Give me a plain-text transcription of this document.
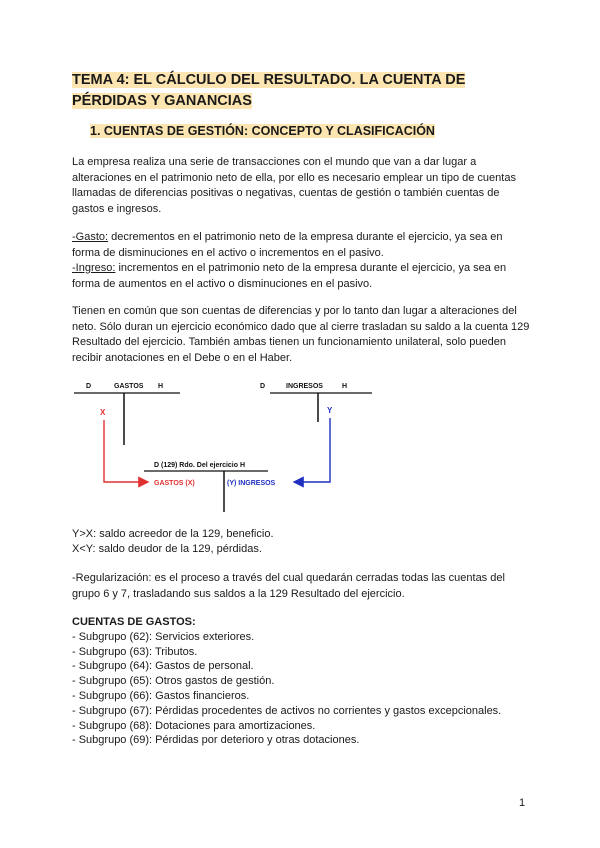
TEMA 4: EL CÁLCULO DEL RESULTADO. LA CUENTA DE PÉRDIDAS Y GANANCIAS
1. CUENTAS DE GESTIÓN: CONCEPTO Y CLASIFICACIÓN

La empresa realiza una serie de transacciones con el mundo que van a dar lugar a alteraciones en el patrimonio neto de ella, por ello es necesario emplear un tipo de cuentas llamadas de diferencias positivas o negativas, cuentas de gestión o también cuentas de gastos e ingresos.

-Gasto: decrementos en el patrimonio neto de la empresa durante el ejercicio, ya sea en forma de disminuciones en el activo o incrementos en el pasivo.

-Ingreso: incrementos en el patrimonio neto de la empresa durante el ejercicio, ya sea en forma de aumentos en el activo o disminuciones en el pasivo.

Tienen en común que son cuentas de diferencias y por lo tanto dan lugar a alteraciones del neto. Sólo duran un ejercicio económico dado que al cierre trasladan su saldo a la cuenta 129 Resultado del ejercicio. También ambas tienen un funcionamiento unilateral, solo pueden recibir anotaciones en el Debe o en el Haber.

D	GASTOS H	D	INGRESOS	H
X	Y
D (129) Rdo. Del ejercicio H
GASTOS (X)	(Y) INGRESOS

Y>X: saldo acreedor de la 129, beneficio.

X<Y: saldo deudor de la 129, pérdidas.

-Regularización: es el proceso a través del cual quedarán cerradas todas las cuentas del grupo 6 y 7, trasladando sus saldos a la 129 Resultado del ejercicio.

CUENTAS DE GASTOS:
- Subgrupo (62): Servicios exteriores.
- Subgrupo (63): Tributos.
- Subgrupo (64): Gastos de personal.
- Subgrupo (65): Otros gastos de gestión.
- Subgrupo (66): Gastos financieros.
- Subgrupo (67): Pérdidas procedentes de activos no corrientes y gastos excepcionales.
- Subgrupo (68): Dotaciones para amortizaciones.
- Subgrupo (69): Pérdidas por deterioro y otras dotaciones.
1
